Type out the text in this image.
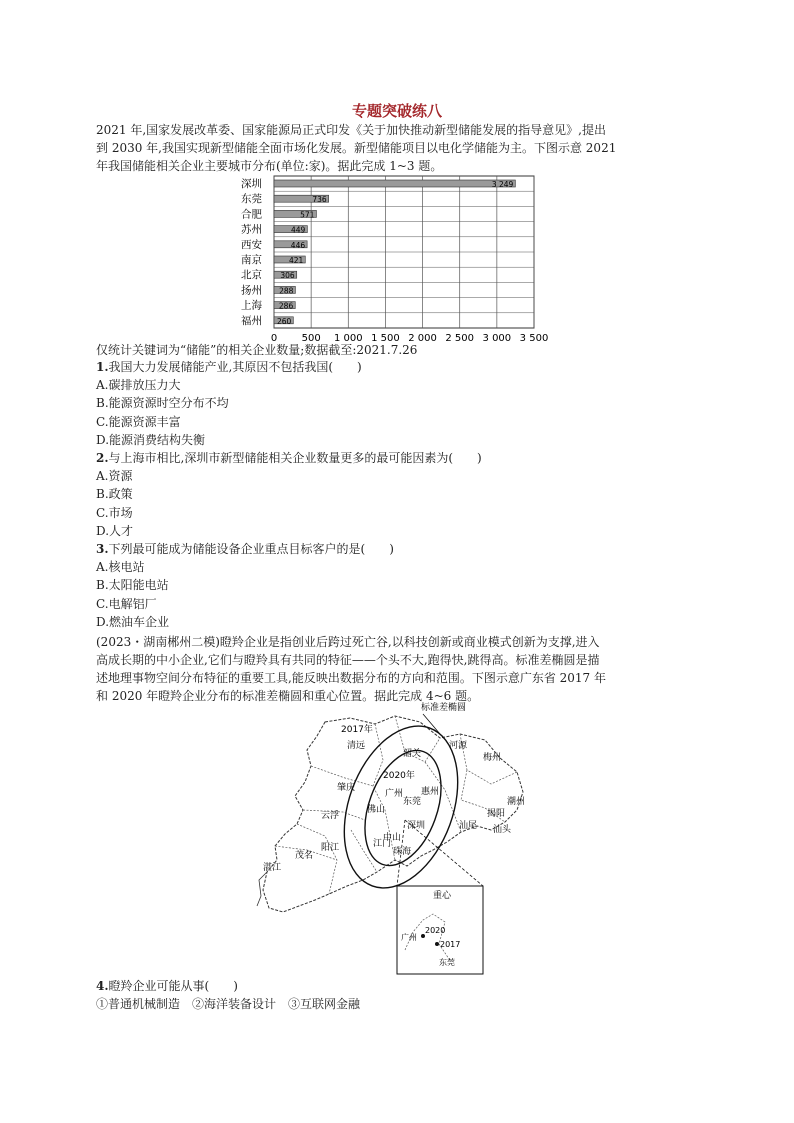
专题突破练八
2021 年,国家发展改革委、国家能源局正式印发《关于加快推动新型储能发展的指导意见》,提出
到 2030 年,我国实现新型储能全面市场化发展。新型储能项目以电化学储能为主。下图示意 2021
年我国储能相关企业主要城市分布(单位:家)。据此完成 1~3 题。
深圳
东莞
合肥
苏州
西安
南京
北京
扬州
上海
福州
3 249
736
571
449
446
421
306
288
286
260
0 500 1 000 1 500 2 000 2 500 3 000 3 500
仅统计关键词为“储能”的相关企业数量;数据截至:2021.7.26
1.我国大力发展储能产业,其原因不包括我国(　　)
A.碳排放压力大
B.能源资源时空分布不均
C.能源资源丰富
D.能源消费结构失衡
2.与上海市相比,深圳市新型储能相关企业数量更多的最可能因素为(　　)
A.资源
B.政策
C.市场
D.人才
3.下列最可能成为储能设备企业重点目标客户的是(　　)
A.核电站
B.太阳能电站
C.电解铝厂
D.燃油车企业
(2023・湖南郴州二模)瞪羚企业是指创业后跨过死亡谷,以科技创新或商业模式创新为支撑,进入
高成长期的中小企业,它们与瞪羚具有共同的特征——个头不大,跑得快,跳得高。标准差椭圆是描
述地理事物空间分布特征的重要工具,能反映出数据分布的方向和范围。下图示意广东省 2017 年
和 2020 年瞪羚企业分布的标准差椭圆和重心位置。据此完成 4~6 题。
标准差椭圆
2017年
2020年
清远
韶关
河源
梅州
潮州
揭阳
汕头
汕尾
惠州
东莞
深圳
广州
佛山
中山
珠海
江门
肇庆
云浮
阳江
茂名
湛江
重心
广州
2020
2017
东莞
4.瞪羚企业可能从事(　　)
①普通机械制造　②海洋装备设计　③互联网金融
